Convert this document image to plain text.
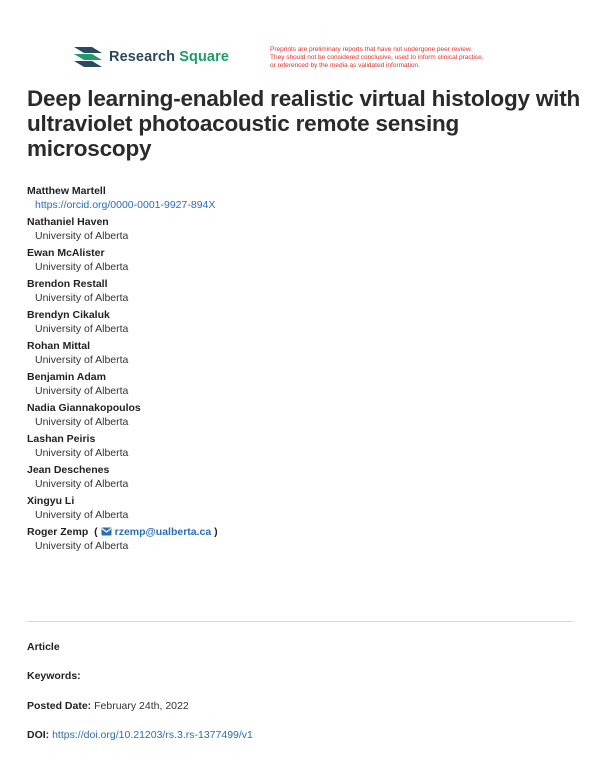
Research Square	Preprints are preliminary reports that have not undergone peer review.
They should not be considered conclusive, used to inform clinical practice,
or referenced by the media as validated information.
Deep learning-enabled realistic virtual histology with ultraviolet photoacoustic remote sensing microscopy
Matthew Martell
https://orcid.org/0000-0001-9927-894X
Nathaniel Haven
University of Alberta
Ewan McAlister
University of Alberta
Brendon Restall
University of Alberta
Brendyn Cikaluk
University of Alberta
Rohan Mittal
University of Alberta
Benjamin Adam
University of Alberta
Nadia Giannakopoulos
University of Alberta
Lashan Peiris
University of Alberta
Jean Deschenes
University of Alberta
Xingyu Li
University of Alberta
Roger Zemp ( rzemp@ualberta.ca )
University of Alberta
Article
Keywords:
Posted Date: February 24th, 2022
DOI: https://doi.org/10.21203/rs.3.rs-1377499/v1
